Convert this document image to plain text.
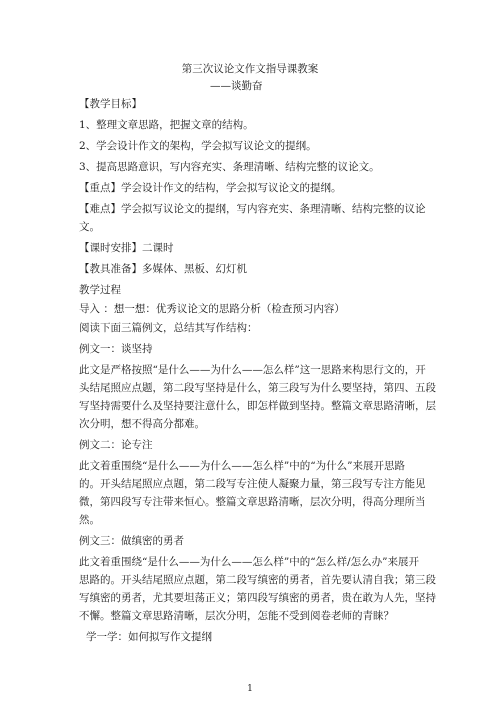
第三次议论文作文指导课教案
——谈勤奋
【教学目标】
1、整理文章思路，把握文章的结构。
2、学会设计作文的架构，学会拟写议论文的提纲。
3、提高思路意识，写内容充实、条理清晰、结构完整的议论文。
【重点】学会设计作文的结构，学会拟写议论文的提纲。
【难点】学会拟写议论文的提纲，写内容充实、条理清晰、结构完整的议论
文。
【课时安排】二课时
【教具准备】多媒体、黑板、幻灯机
教学过程
导入 ：想一想：优秀议论文的思路分析（检查预习内容）
阅读下面三篇例文，总结其写作结构：
例文一：谈坚持
此文是严格按照“是什么——为什么——怎么样”这一思路来构思行文的，开
头结尾照应点题，第二段写坚持是什么，第三段写为什么要坚持，第四、五段
写坚持需要什么及坚持要注意什么，即怎样做到坚持。整篇文章思路清晰，层
次分明，想不得高分都难。
例文二：论专注
此文着重围绕“是什么——为什么——怎么样”中的“为什么”来展开思路
的。开头结尾照应点题，第二段写专注使人凝聚力量，第三段写专注方能见
微，第四段写专注带来恒心。整篇文章思路清晰，层次分明，得高分理所当
然。
例文三：做缜密的勇者
此文着重围绕“是什么——为什么——怎么样”中的“怎么样/怎么办”来展开
思路的。开头结尾照应点题，第二段写缜密的勇者，首先要认清自我；第三段
写缜密的勇者，尤其要坦荡正义；第四段写缜密的勇者，贵在敢为人先，坚持
不懈。整篇文章思路清晰，层次分明，怎能不受到阅卷老师的青睐？
学一学：如何拟写作文提纲
1
